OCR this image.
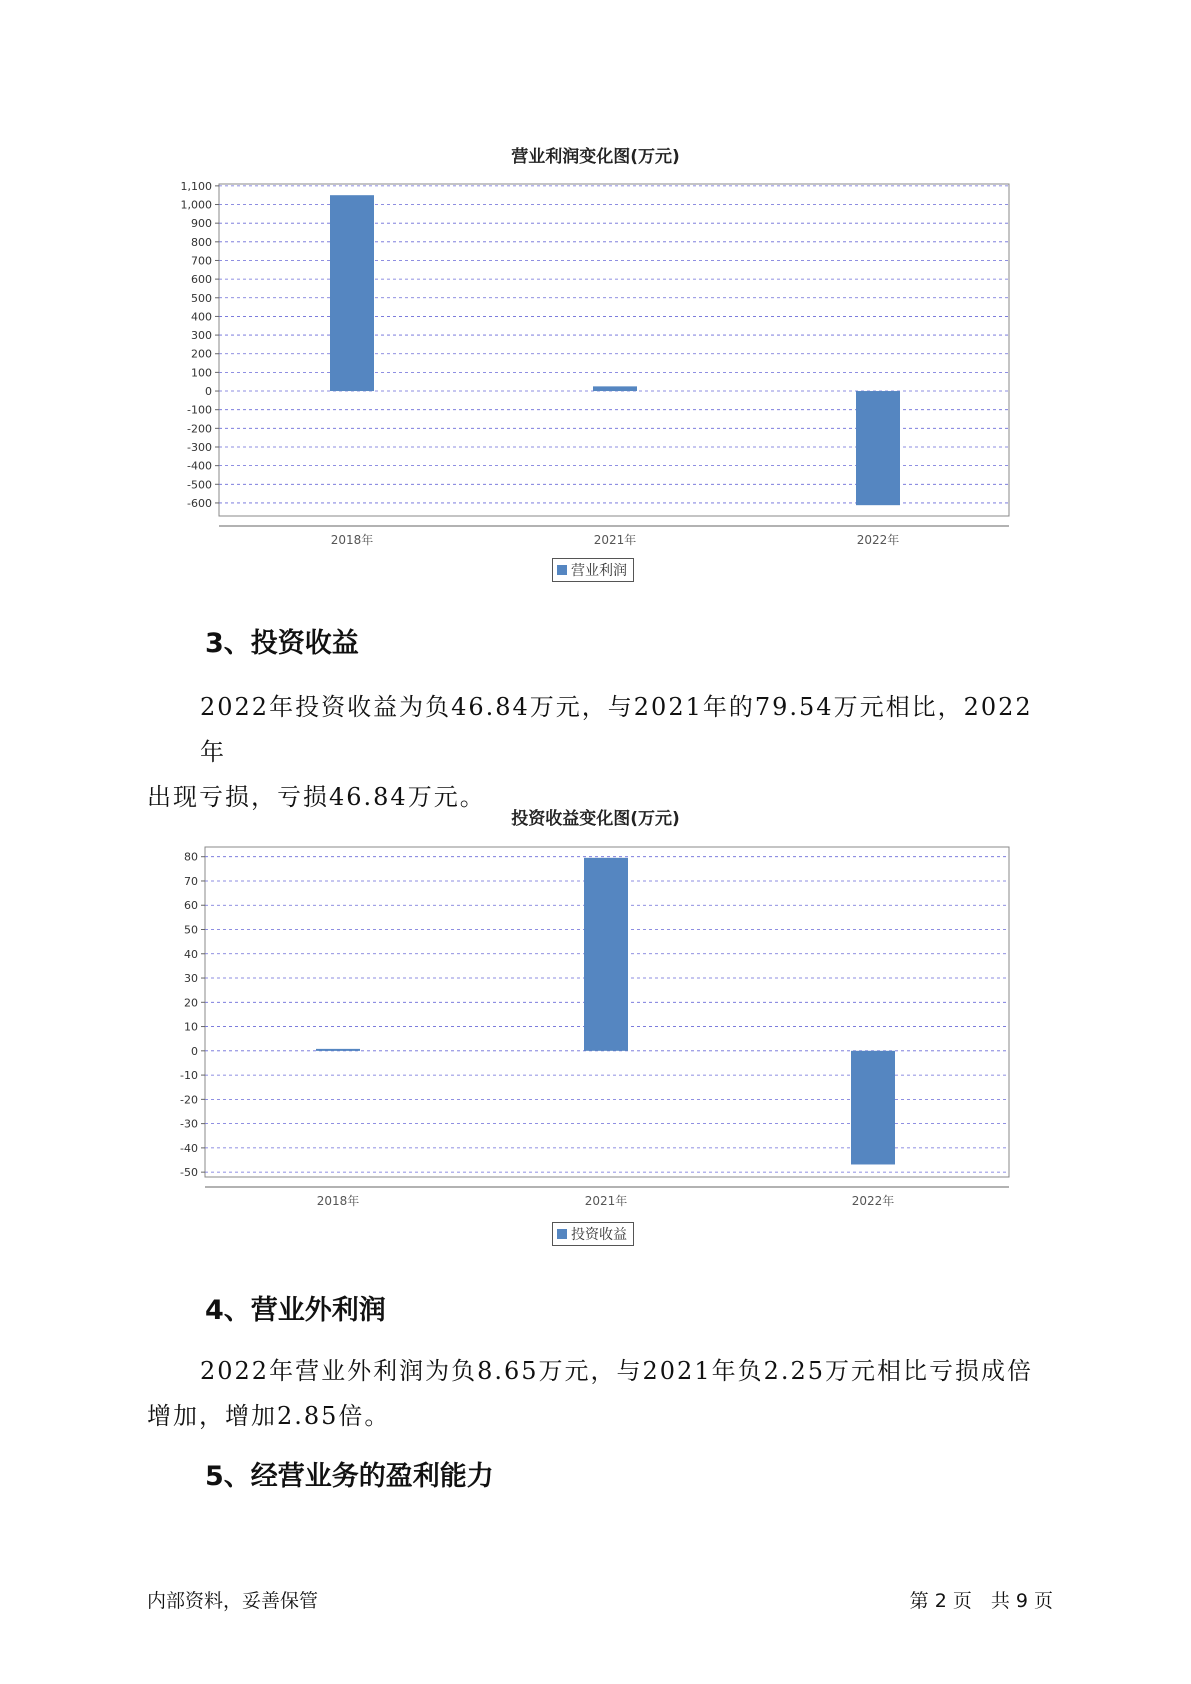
营业利润变化图(万元)
1,100
1,000
900
800
700
600
500
400
300
200
100
0
-100
-200
-300
-400
-500
-600
2018年	2021年	2022年
营业利润
3、投资收益

2022年投资收益为负46.84万元，与2021年的79.54万元相比，2022年

出现亏损，亏损46.84万元。

投资收益变化图(万元)
80
70
60
50
40
30
20
10
0
-10
-20
-30
-40
-50
2018年	2021年	2022年
投资收益
4、营业外利润

2022年营业外利润为负8.65万元，与2021年负2.25万元相比亏损成倍

增加，增加2.85倍。

5、经营业务的盈利能力
内部资料，妥善保管	第 2 页　共 9 页
